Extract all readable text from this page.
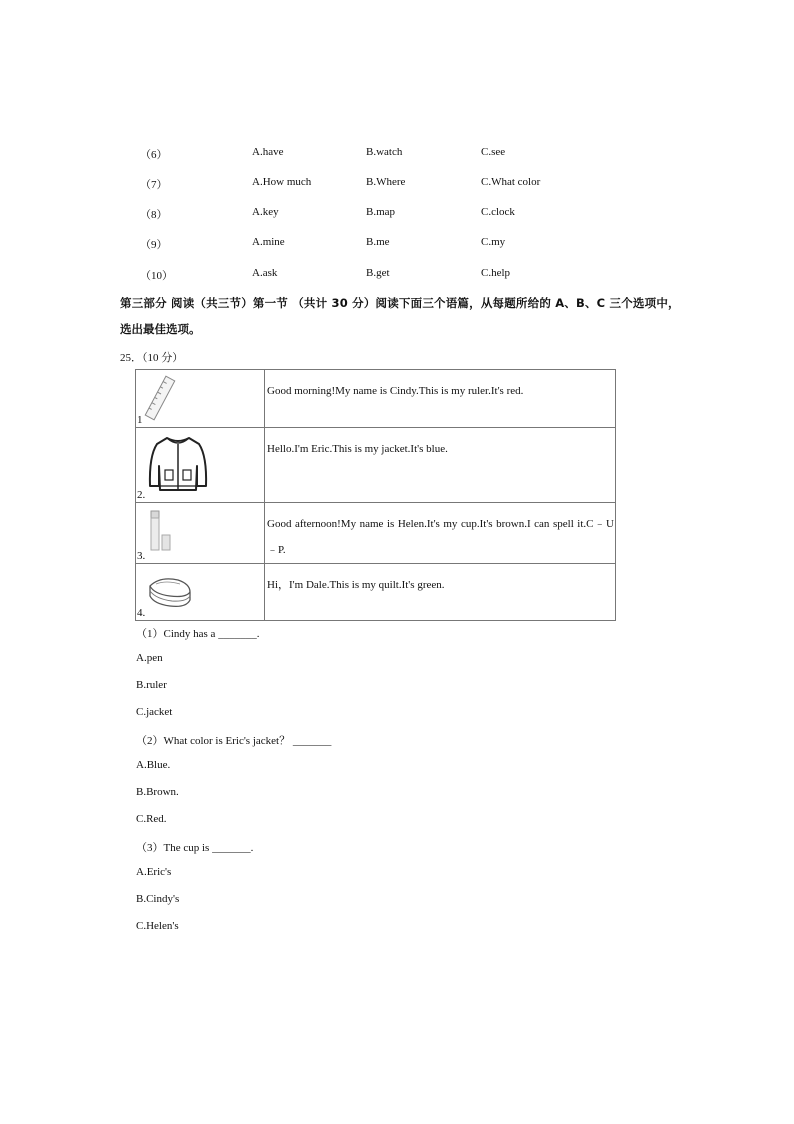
（6）	A.have	B.watch	C.see
（7）	A.How much	B.Where	C.What color
（8）	A.key	B.map	C.clock
（9）	A.mine	B.me	C.my
（10）	A.ask	B.get	C.help
第三部分 阅读（共三节）第一节 （共计 30 分）阅读下面三个语篇，从每题所给的 A、B、C 三个选项中，
选出最佳选项。
25．（10 分）
1	Good morning!My name is Cindy.This is my ruler.It's red.

2.	Hello.I'm Eric.This is my jacket.It's blue.

3.	Good afternoon!My name is Helen.It's my cup.It's brown.I can spell it.C﹣U﹣P.

4.	Hi，I'm Dale.This is my quilt.It's green.
（1）Cindy has a _______.
A.pen
B.ruler
C.jacket
（2）What color is Eric's jacket？ _______
A.Blue.
B.Brown.
C.Red.
（3）The cup is _______.
A.Eric's
B.Cindy's
C.Helen's
